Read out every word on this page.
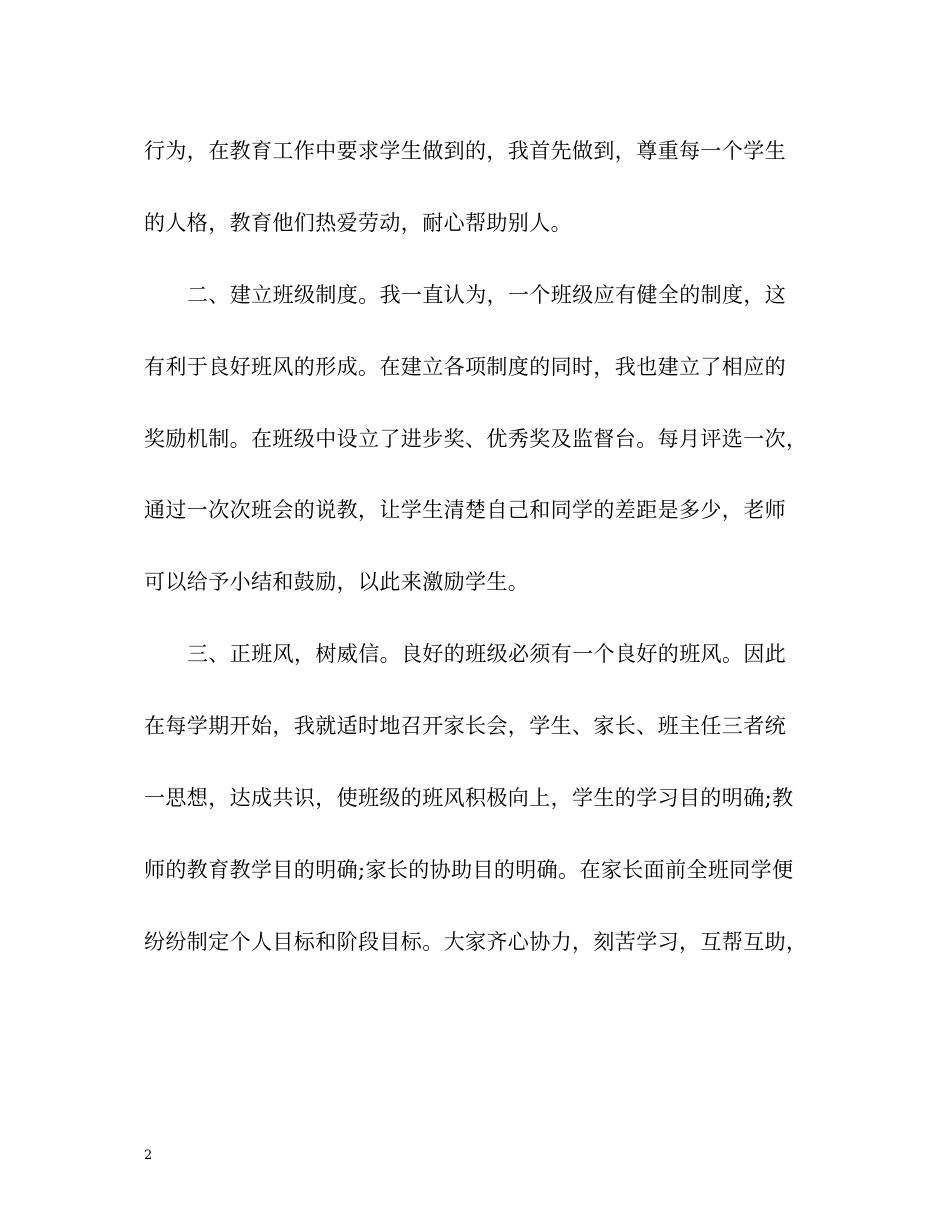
行为，在教育工作中要求学生做到的，我首先做到，尊重每一个学生

的人格，教育他们热爱劳动，耐心帮助别人。

二、建立班级制度。我一直认为，一个班级应有健全的制度，这

有利于良好班风的形成。在建立各项制度的同时，我也建立了相应的

奖励机制。在班级中设立了进步奖、优秀奖及监督台。每月评选一次，

通过一次次班会的说教，让学生清楚自己和同学的差距是多少，老师

可以给予小结和鼓励，以此来激励学生。

三、正班风，树威信。良好的班级必须有一个良好的班风。因此

在每学期开始，我就适时地召开家长会，学生、家长、班主任三者统

一思想，达成共识，使班级的班风积极向上，学生的学习目的明确;教

师的教育教学目的明确;家长的协助目的明确。在家长面前全班同学便

纷纷制定个人目标和阶段目标。大家齐心协力，刻苦学习，互帮互助，

2
